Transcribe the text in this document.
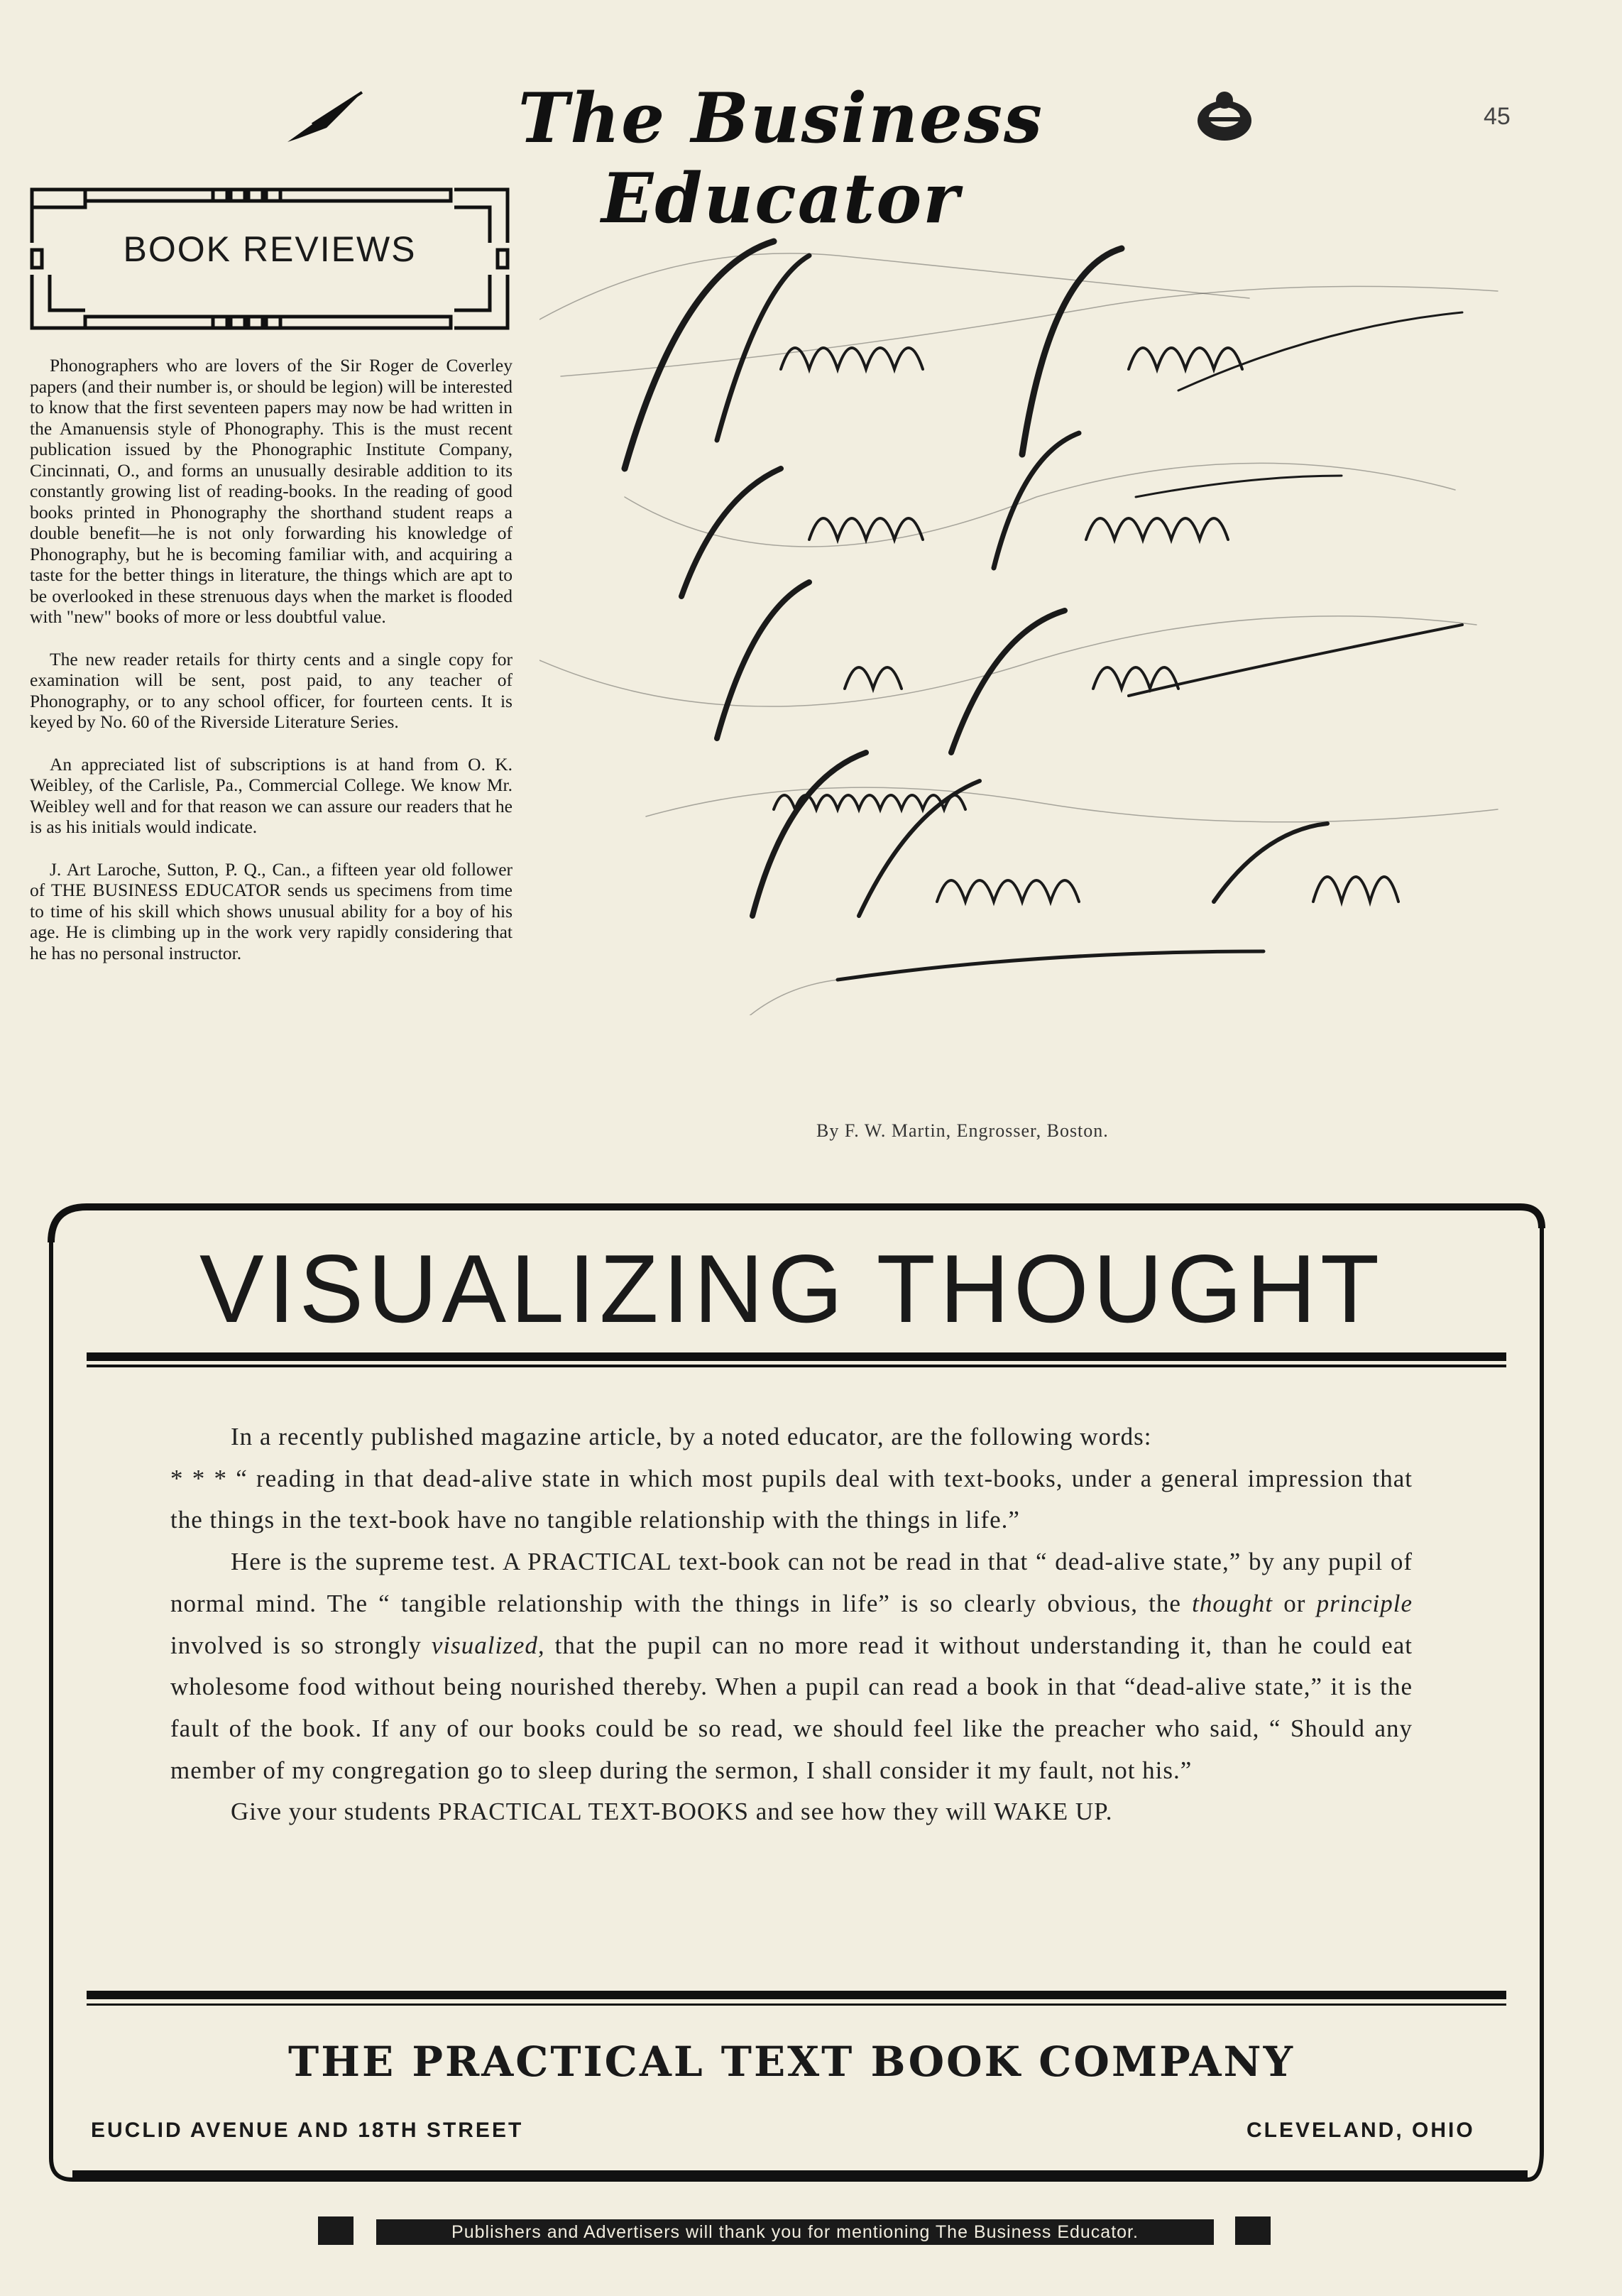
The Business Educator
45
BOOK REVIEWS

Phonographers who are lovers of the Sir Roger de Coverley papers (and their number is, or should be legion) will be interested to know that the first seventeen papers may now be had written in the Amanuensis style of Phonography. This is the must recent publication issued by the Phonographic Institute Company, Cincinnati, O., and forms an unusually desirable addition to its constantly growing list of reading-books. In the reading of good books printed in Phonography the shorthand student reaps a double benefit—he is not only forwarding his knowledge of Phonography, but he is becoming familiar with, and acquiring a taste for the better things in literature, the things which are apt to be overlooked in these strenuous days when the market is flooded with "new" books of more or less doubtful value.

The new reader retails for thirty cents and a single copy for examination will be sent, post paid, to any teacher of Phonography, or to any school officer, for fourteen cents. It is keyed by No. 60 of the Riverside Literature Series.

An appreciated list of subscriptions is at hand from O. K. Weibley, of the Carlisle, Pa., Commercial College. We know Mr. Weibley well and for that reason we can assure our readers that he is as his initials would indicate.

J. Art Laroche, Sutton, P. Q., Can., a fifteen year old follower of THE BUSINESS EDUCATOR sends us specimens from time to time of his skill which shows unusual ability for a boy of his age. He is climbing up in the work very rapidly considering that he has no personal instructor.

By F. W. Martin, Engrosser, Boston.
VISUALIZING THOUGHT

In a recently published magazine article, by a noted educator, are the following words:

* * * “ reading in that dead-alive state in which most pupils deal with text-books, under a general impression that the things in the text-book have no tangible relationship with the things in life.”

Here is the supreme test. A PRACTICAL text-book can not be read in that “ dead-alive state,” by any pupil of normal mind. The “ tangible relationship with the things in life” is so clearly obvious, the thought or principle involved is so strongly visualized, that the pupil can no more read it without understanding it, than he could eat wholesome food without being nourished thereby. When a pupil can read a book in that “dead-alive state,” it is the fault of the book. If any of our books could be so read, we should feel like the preacher who said, “ Should any member of my congregation go to sleep during the sermon, I shall consider it my fault, not his.”

Give your students PRACTICAL TEXT-BOOKS and see how they will WAKE UP.

THE PRACTICAL TEXT BOOK COMPANY
EUCLID AVENUE AND 18TH STREET	CLEVELAND, OHIO
Publishers and Advertisers will thank you for mentioning The Business Educator.
